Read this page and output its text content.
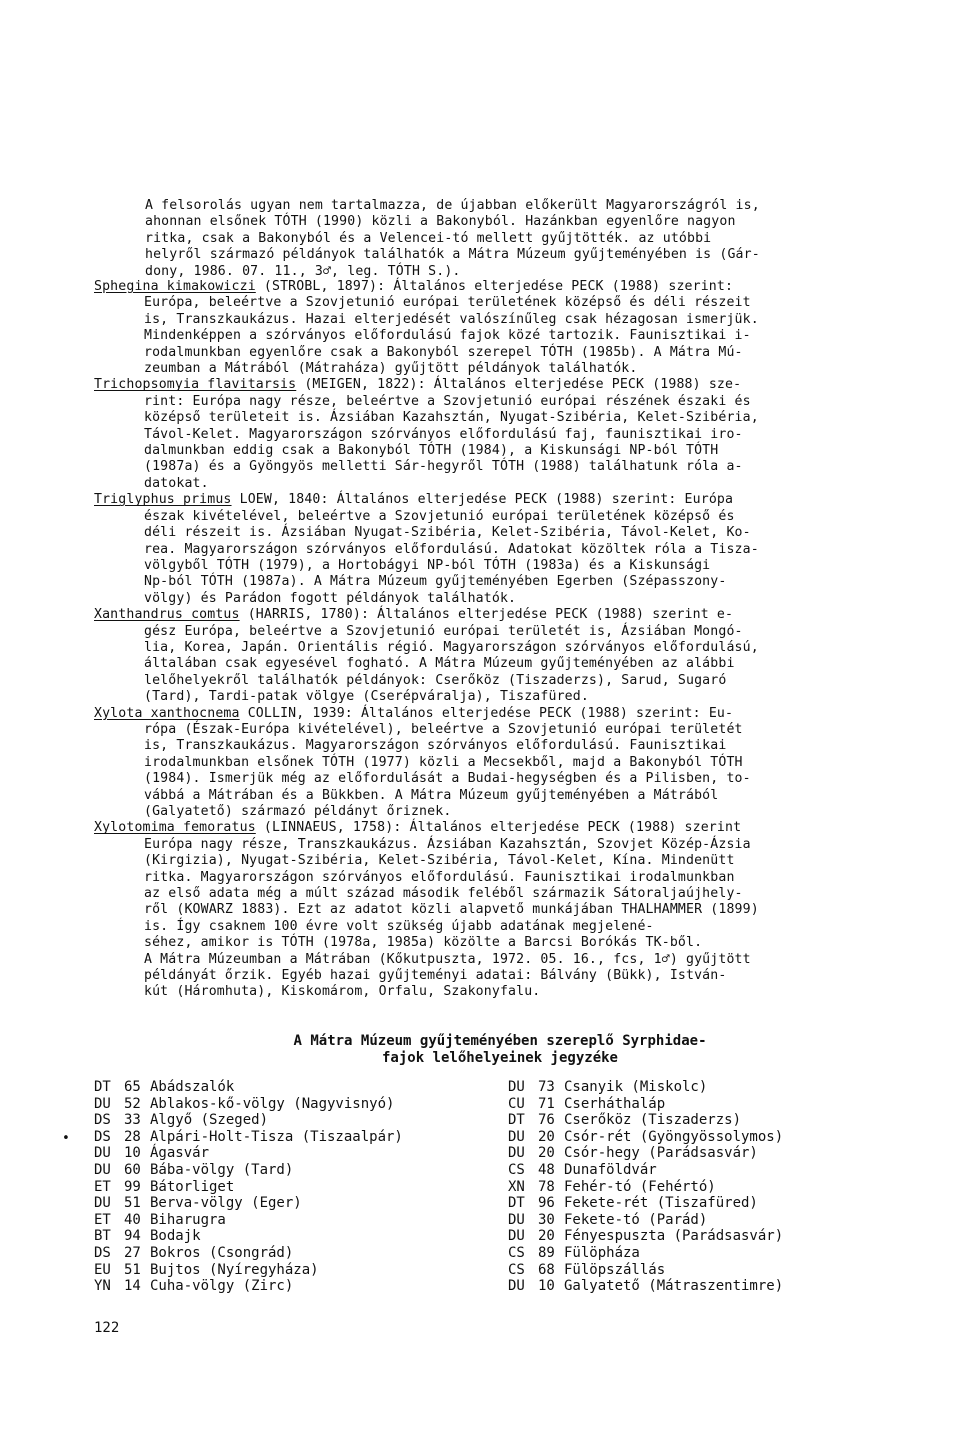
A felsorolás ugyan nem tartalmazza, de újabban előkerült Magyarországról is,
ahonnan elsőnek TÓTH (1990) közli a Bakonyból. Hazánkban egyenlőre nagyon
ritka, csak a Bakonyból és a Velencei-tó mellett gyűjtötték. az utóbbi
helyről származó példányok találhatók a Mátra Múzeum gyűjteményében is (Gár-
dony, 1986. 07. 11., 3♂, leg. TÓTH S.).
Sphegina kimakowiczi (STROBL, 1897): Általános elterjedése PECK (1988) szerint:
Európa, beleértve a Szovjetunió európai területének középső és déli részeit
is, Transzkaukázus. Hazai elterjedését valószínűleg csak hézagosan ismerjük.
Mindenképpen a szórványos előfordulású fajok közé tartozik. Faunisztikai i-
rodalmunkban egyenlőre csak a Bakonyból szerepel TÓTH (1985b). A Mátra Mú-
zeumban a Mátrából (Mátraháza) gyűjtött példányok találhatók.
Trichopsomyia flavitarsis (MEIGEN, 1822): Általános elterjedése PECK (1988) sze-
rint: Európa nagy része, beleértve a Szovjetunió európai részének északi és
középső területeit is. Ázsiában Kazahsztán, Nyugat-Szibéria, Kelet-Szibéria,
Távol-Kelet. Magyarországon szórványos előfordulású faj, faunisztikai iro-
dalmunkban eddig csak a Bakonyból TÓTH (1984), a Kiskunsági NP-ból TÓTH
(1987a) és a Gyöngyös melletti Sár-hegyről TÓTH (1988) találhatunk róla a-
datokat.
Triglyphus primus LOEW, 1840: Általános elterjedése PECK (1988) szerint: Európa
észak kivételével, beleértve a Szovjetunió európai területének középső és
déli részeit is. Ázsiában Nyugat-Szibéria, Kelet-Szibéria, Távol-Kelet, Ko-
rea. Magyarországon szórványos előfordulású. Adatokat közöltek róla a Tisza-
völgyből TÓTH (1979), a Hortobágyi NP-ból TÓTH (1983a) és a Kiskunsági
Np-ból TÓTH (1987a). A Mátra Múzeum gyűjteményében Egerben (Szépasszony-
völgy) és Parádon fogott példányok találhatók.
Xanthandrus comtus (HARRIS, 1780): Általános elterjedése PECK (1988) szerint e-
gész Európa, beleértve a Szovjetunió európai területét is, Ázsiában Mongó-
lia, Korea, Japán. Orientális régió. Magyarországon szórványos előfordulású,
általában csak egyesével fogható. A Mátra Múzeum gyűjteményében az alábbi
lelőhelyekről találhatók példányok: Cserőköz (Tiszaderzs), Sarud, Sugaró
(Tard), Tardi-patak völgye (Cserépváralja), Tiszafüred.
Xylota xanthocnema COLLIN, 1939: Általános elterjedése PECK (1988) szerint: Eu-
rópa (Észak-Európa kivételével), beleértve a Szovjetunió európai területét
is, Transzkaukázus. Magyarországon szórványos előfordulású. Faunisztikai
irodalmunkban elsőnek TÓTH (1977) közli a Mecsekből, majd a Bakonyból TÓTH
(1984). Ismerjük még az előfordulását a Budai-hegységben és a Pilisben, to-
vábbá a Mátrában és a Bükkben. A Mátra Múzeum gyűjteményében a Mátrából
(Galyatető) származó példányt őriznek.
Xylotomima femoratus (LINNAEUS, 1758): Általános elterjedése PECK (1988) szerint
Európa nagy része, Transzkaukázus. Ázsiában Kazahsztán, Szovjet Közép-Ázsia
(Kirgizia), Nyugat-Szibéria, Kelet-Szibéria, Távol-Kelet, Kína. Mindenütt
ritka. Magyarországon szórványos előfordulású. Faunisztikai irodalmunkban
az első adata még a múlt század második feléből származik Sátoraljaújhely-
ről (KOWARZ 1883). Ezt az adatot közli alapvető munkájában THALHAMMER (1899)
is. Így csaknem 100 évre volt szükség újabb adatának megjelené-
séhez, amikor is TÓTH (1978a, 1985a) közölte a Barcsi Borókás TK-ből.
A Mátra Múzeumban a Mátrában (Kőkutpuszta, 1972. 05. 16., fcs, 1♂) gyűjtött
példányát őrzik. Egyéb hazai gyűjteményi adatai: Bálvány (Bükk), István-
kút (Háromhuta), Kiskomárom, Orfalu, Szakonyfalu.
A Mátra Múzeum gyűjteményében szereplő Syrphidae-
fajok lelőhelyeinek jegyzéke
•
DT 65 Abádszalók
DU 52 Ablakos-kő-völgy (Nagyvisnyó)
DS 33 Algyő (Szeged)
DS 28 Alpári-Holt-Tisza (Tiszaalpár)
DU 10 Ágasvár
DU 60 Bába-völgy (Tard)
ET 99 Bátorliget
DU 51 Berva-völgy (Eger)
ET 40 Biharugra
BT 94 Bodajk
DS 27 Bokros (Csongrád)
EU 51 Bujtos (Nyíregyháza)
YN 14 Cuha-völgy (Zirc)
DU 73 Csanyik (Miskolc)
CU 71 Cserháthaláp
DT 76 Cserőköz (Tiszaderzs)
DU 20 Csór-rét (Gyöngyössolymos)
DU 20 Csór-hegy (Parádsasvár)
CS 48 Dunaföldvár
XN 78 Fehér-tó (Fehértó)
DT 96 Fekete-rét (Tiszafüred)
DU 30 Fekete-tó (Parád)
DU 20 Fényespuszta (Parádsasvár)
CS 89 Fülöpháza
CS 68 Fülöpszállás
DU 10 Galyatető (Mátraszentimre)
122
